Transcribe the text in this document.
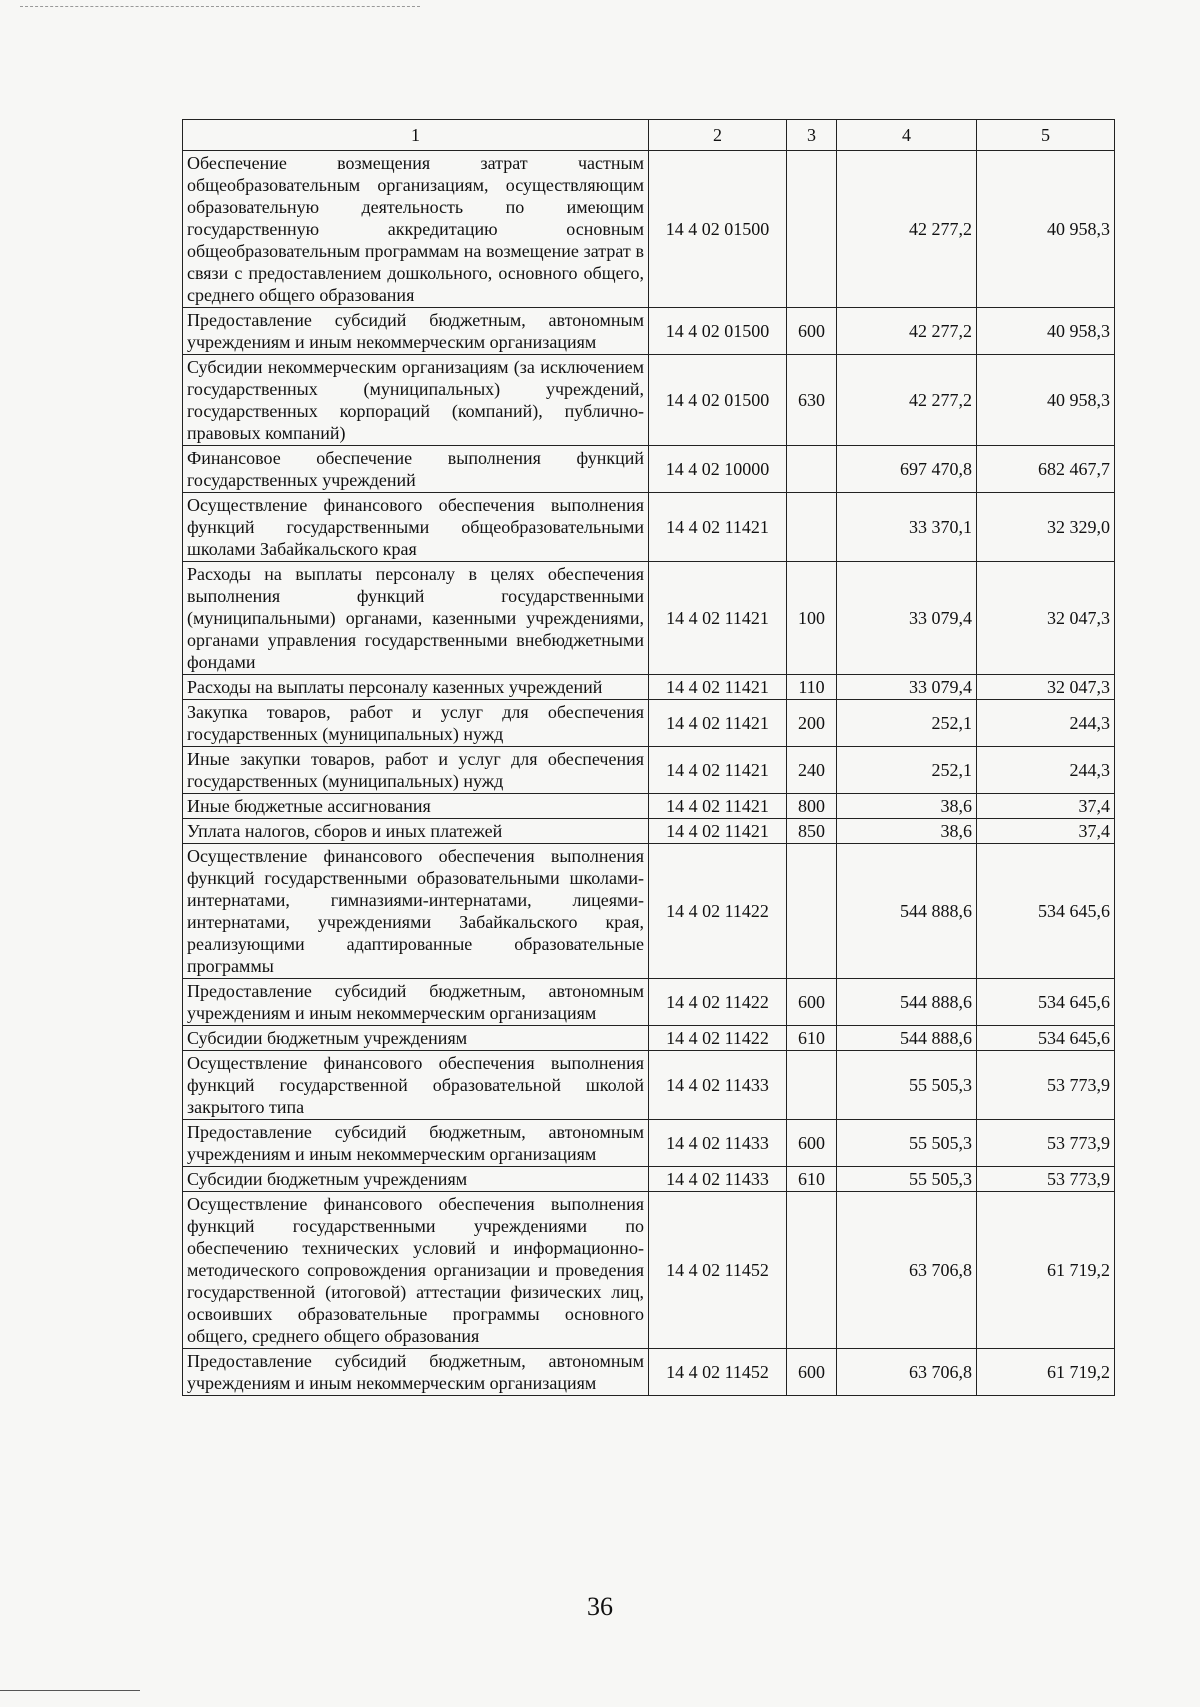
1	2	3	4	5
Обеспечение возмещения затрат частным общеобразовательным организациям, осуществляющим образовательную деятельность по имеющим государственную аккредитацию основным общеобразовательным программам на возмещение затрат в связи с предоставлением дошкольного, основного общего, среднего общего образования	14 4 02 01500		42 277,2	40 958,3
Предоставление субсидий бюджетным, автономным учреждениям и иным некоммерческим организациям	14 4 02 01500	600	42 277,2	40 958,3
Субсидии некоммерческим организациям (за исключением государственных (муниципальных) учреждений, государственных корпораций (компаний), публично-правовых компаний)	14 4 02 01500	630	42 277,2	40 958,3
Финансовое обеспечение выполнения функций государственных учреждений	14 4 02 10000		697 470,8	682 467,7
Осуществление финансового обеспечения выполнения функций государственными общеобразовательными школами Забайкальского края	14 4 02 11421		33 370,1	32 329,0
Расходы на выплаты персоналу в целях обеспечения выполнения функций государственными (муниципальными) органами, казенными учреждениями, органами управления государственными внебюджетными фондами	14 4 02 11421	100	33 079,4	32 047,3
Расходы на выплаты персоналу казенных учреждений	14 4 02 11421	110	33 079,4	32 047,3
Закупка товаров, работ и услуг для обеспечения государственных (муниципальных) нужд	14 4 02 11421	200	252,1	244,3
Иные закупки товаров, работ и услуг для обеспечения государственных (муниципальных) нужд	14 4 02 11421	240	252,1	244,3
Иные бюджетные ассигнования	14 4 02 11421	800	38,6	37,4
Уплата налогов, сборов и иных платежей	14 4 02 11421	850	38,6	37,4
Осуществление финансового обеспечения выполнения функций государственными образовательными школами-интернатами, гимназиями-интернатами, лицеями-интернатами, учреждениями Забайкальского края, реализующими адаптированные образовательные программы	14 4 02 11422		544 888,6	534 645,6
Предоставление субсидий бюджетным, автономным учреждениям и иным некоммерческим организациям	14 4 02 11422	600	544 888,6	534 645,6
Субсидии бюджетным учреждениям	14 4 02 11422	610	544 888,6	534 645,6
Осуществление финансового обеспечения выполнения функций государственной образовательной школой закрытого типа	14 4 02 11433		55 505,3	53 773,9
Предоставление субсидий бюджетным, автономным учреждениям и иным некоммерческим организациям	14 4 02 11433	600	55 505,3	53 773,9
Субсидии бюджетным учреждениям	14 4 02 11433	610	55 505,3	53 773,9
Осуществление финансового обеспечения выполнения функций государственными учреждениями по обеспечению технических условий и информационно-методического сопровождения организации и проведения государственной (итоговой) аттестации физических лиц, освоивших образовательные программы основного общего, среднего общего образования	14 4 02 11452		63 706,8	61 719,2
Предоставление субсидий бюджетным, автономным учреждениям и иным некоммерческим организациям	14 4 02 11452	600	63 706,8	61 719,2
36
